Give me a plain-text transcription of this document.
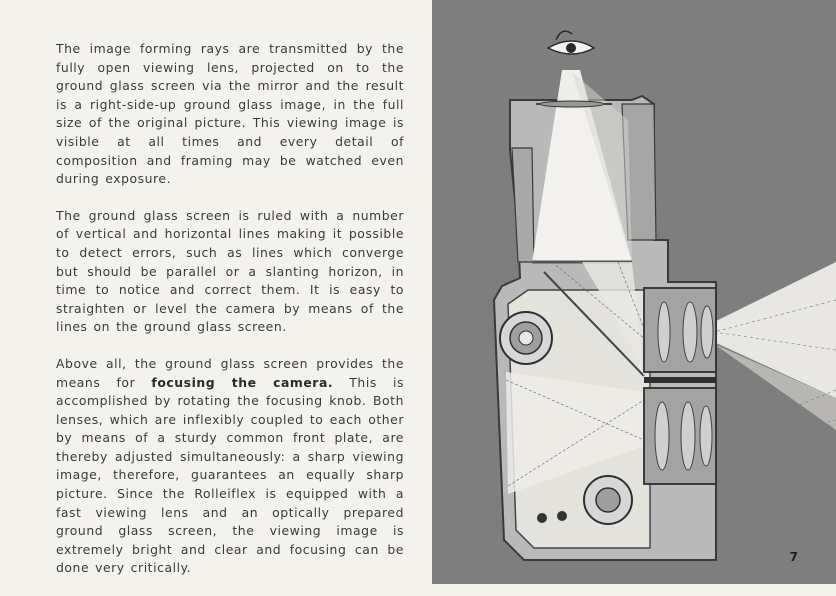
The image forming rays are transmitted by the fully open viewing lens, projected on to the ground glass screen via the mirror and the result is a right-side-up ground glass image, in the full size of the original picture. This viewing image is visible at all times and every detail of composition and framing may be watched even during exposure.

The ground glass screen is ruled with a number of vertical and horizontal lines making it possible to detect errors, such as lines which converge but should be parallel or a slanting horizon, in time to notice and correct them. It is easy to straighten or level the camera by means of the lines on the ground glass screen.

Above all, the ground glass screen provides the means for focusing the camera. This is accomplished by rotating the focusing knob. Both lenses, which are inflexibly coupled to each other by means of a sturdy common front plate, are thereby adjusted simultaneously: a sharp viewing image, therefore, guarantees an equally sharp picture. Since the Rolleiflex is equipped with a fast viewing lens and an optically prepared ground glass screen, the viewing image is extremely bright and clear and focusing can be done very critically.

7
